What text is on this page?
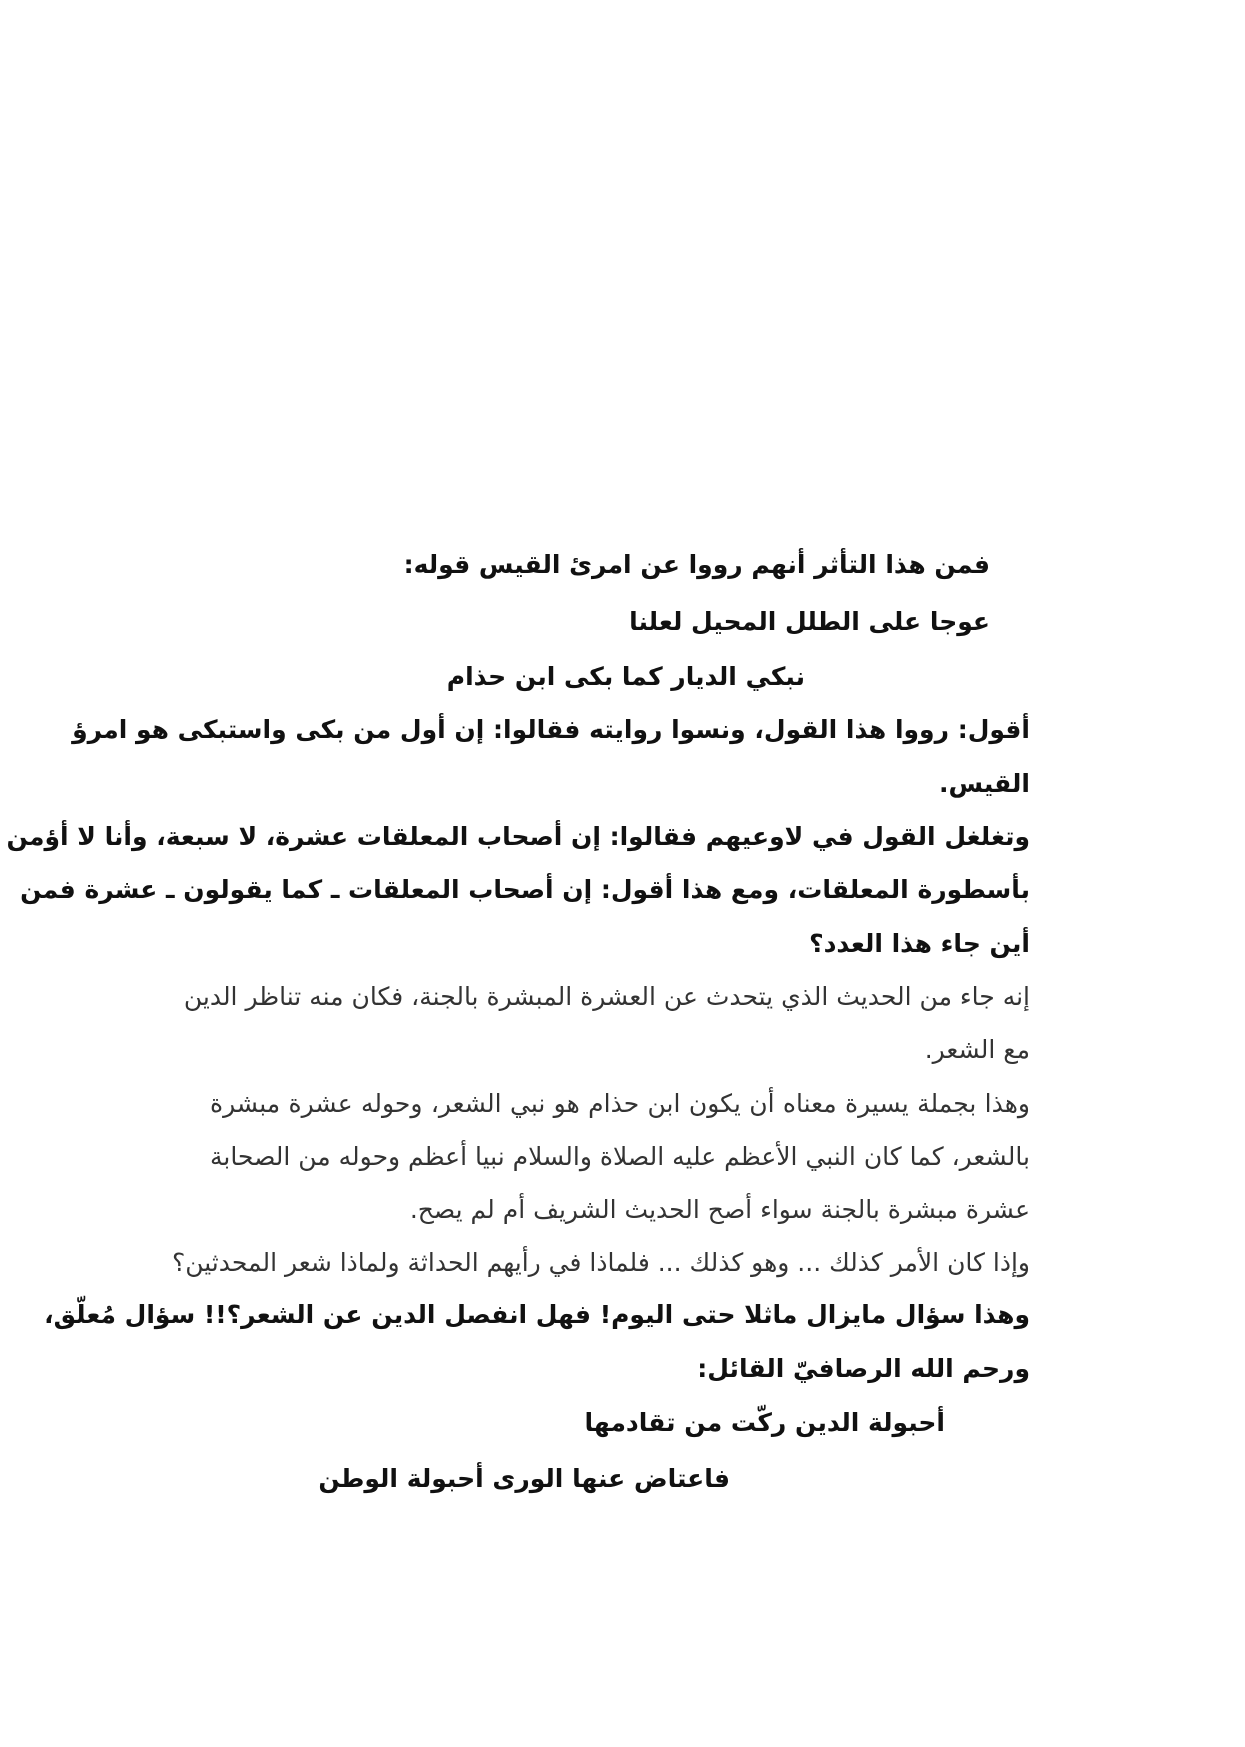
فمن هذا التأثر أنهم رووا عن امرئ القيس قوله:
عوجا على الطلل المحيل لعلنا
نبكي الديار كما بكى ابن حذام
أقول: رووا هذا القول، ونسوا روايته فقالوا: إن أول من بكى واستبكى هو امرؤ
القيس.
وتغلغل القول في لاوعيهم فقالوا: إن أصحاب المعلقات عشرة، لا سبعة، وأنا لا أؤمن
بأسطورة المعلقات، ومع هذا أقول: إن أصحاب المعلقات ـ كما يقولون ـ عشرة فمن
أين جاء هذا العدد؟
إنه جاء من الحديث الذي يتحدث عن العشرة المبشرة بالجنة، فكان منه تناظر الدين
مع الشعر.
وهذا بجملة يسيرة معناه أن يكون ابن حذام هو نبي الشعر، وحوله عشرة مبشرة
بالشعر، كما كان النبي الأعظم عليه الصلاة والسلام نبيا أعظم وحوله من الصحابة
عشرة مبشرة بالجنة سواء أصح الحديث الشريف أم لم يصح.
وإذا كان الأمر كذلك ... وهو كذلك ... فلماذا في رأيهم الحداثة ولماذا شعر المحدثين؟
وهذا سؤال مايزال ماثلا حتى اليوم! فهل انفصل الدين عن الشعر؟!! سؤال مُعلّق،
ورحم الله الرصافيّ القائل:
أحبولة الدين ركّت من تقادمها
فاعتاض عنها الورى أحبولة الوطن
